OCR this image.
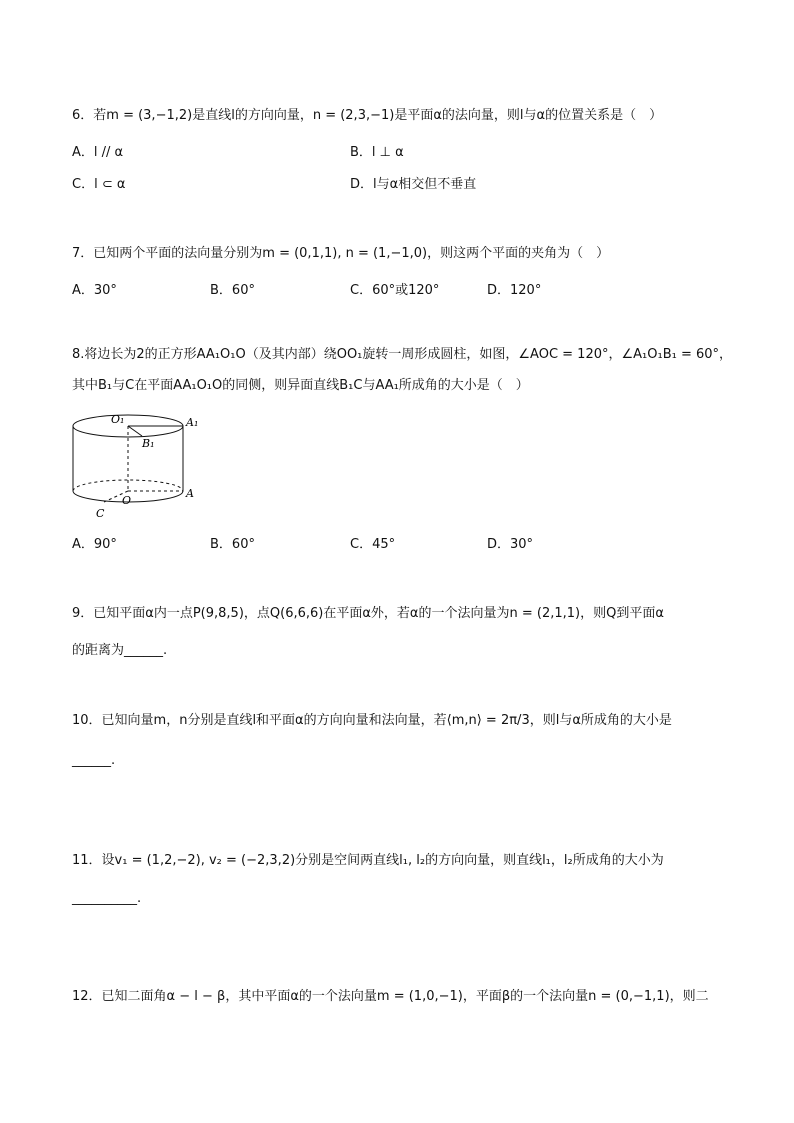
6．若m = (3,−1,2)是直线l的方向向量，n = (2,3,−1)是平面α的法向量，则l与α的位置关系是（　）
A．l // α	B．l ⊥ α
C．l ⊂ α	D．l与α相交但不垂直
7．已知两个平面的法向量分别为m = (0,1,1), n = (1,−1,0)，则这两个平面的夹角为（　）
A．30°	B．60°	C．60°或120°	D．120°
8.将边长为2的正方形AA₁O₁O（及其内部）绕OO₁旋转一周形成圆柱，如图，∠AOC = 120°，∠A₁O₁B₁ = 60°，
其中B₁与C在平面AA₁O₁O的同侧，则异面直线B₁C与AA₁所成角的大小是（　）
O₁	A₁
B₁
A
O
C
A．90°	B．60°	C．45°	D．30°
9．已知平面α内一点P(9,8,5)，点Q(6,6,6)在平面α外，若α的一个法向量为n = (2,1,1)，则Q到平面α
的距离为______.
10．已知向量m，n分别是直线l和平面α的方向向量和法向量，若⟨m,n⟩ = 2π/3，则l与α所成角的大小是
______.
11．设v₁ = (1,2,−2), v₂ = (−2,3,2)分别是空间两直线l₁, l₂的方向向量，则直线l₁，l₂所成角的大小为
__________.
12．已知二面角α − l − β，其中平面α的一个法向量m = (1,0,−1)，平面β的一个法向量n = (0,−1,1)，则二
